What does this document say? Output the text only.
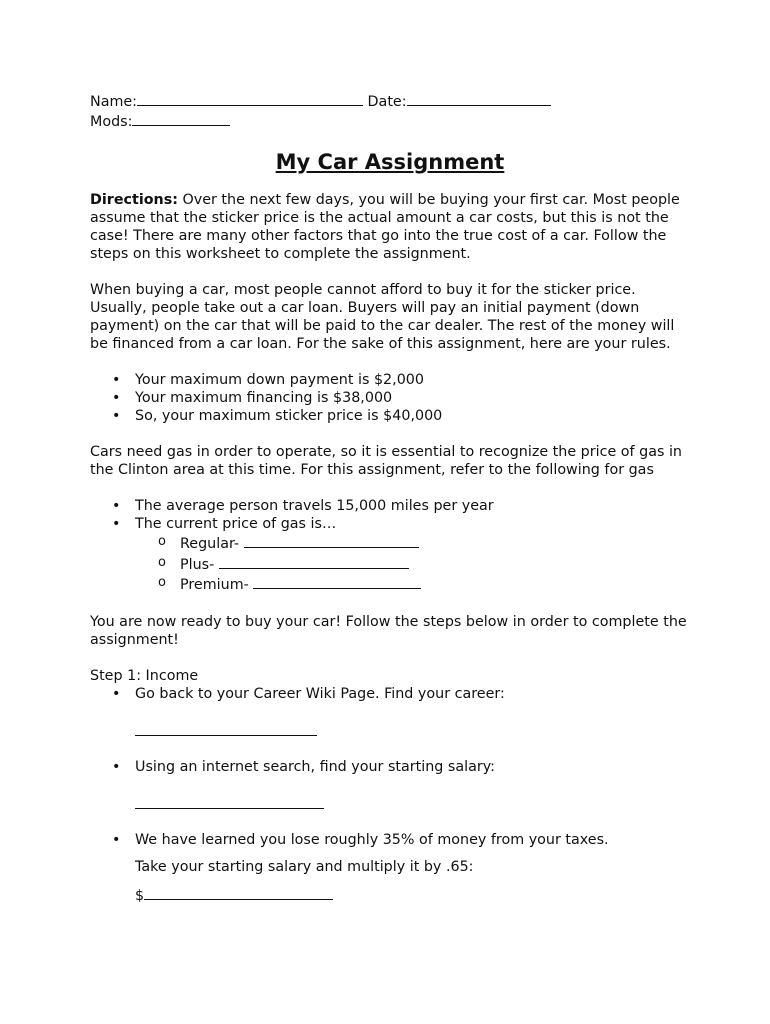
Name:	Date:

Mods:

My Car Assignment

Directions: Over the next few days, you will be buying your first car. Most people assume that the sticker price is the actual amount a car costs, but this is not the case! There are many other factors that go into the true cost of a car. Follow the steps on this worksheet to complete the assignment.

When buying a car, most people cannot afford to buy it for the sticker price. Usually, people take out a car loan. Buyers will pay an initial payment (down payment) on the car that will be paid to the car dealer. The rest of the money will be financed from a car loan. For the sake of this assignment, here are your rules.

• Your maximum down payment is $2,000
• Your maximum financing is $38,000
• So, your maximum sticker price is $40,000

Cars need gas in order to operate, so it is essential to recognize the price of gas in the Clinton area at this time. For this assignment, refer to the following for gas

• The average person travels 15,000 miles per year
• The current price of gas is…
o Regular-
o Plus-
o Premium-

You are now ready to buy your car! Follow the steps below in order to complete the assignment!

Step 1: Income

• Go back to your Career Wiki Page. Find your career:
• Using an internet search, find your starting salary:
• We have learned you lose roughly 35% of money from your taxes.

Take your starting salary and multiply it by .65:

$
